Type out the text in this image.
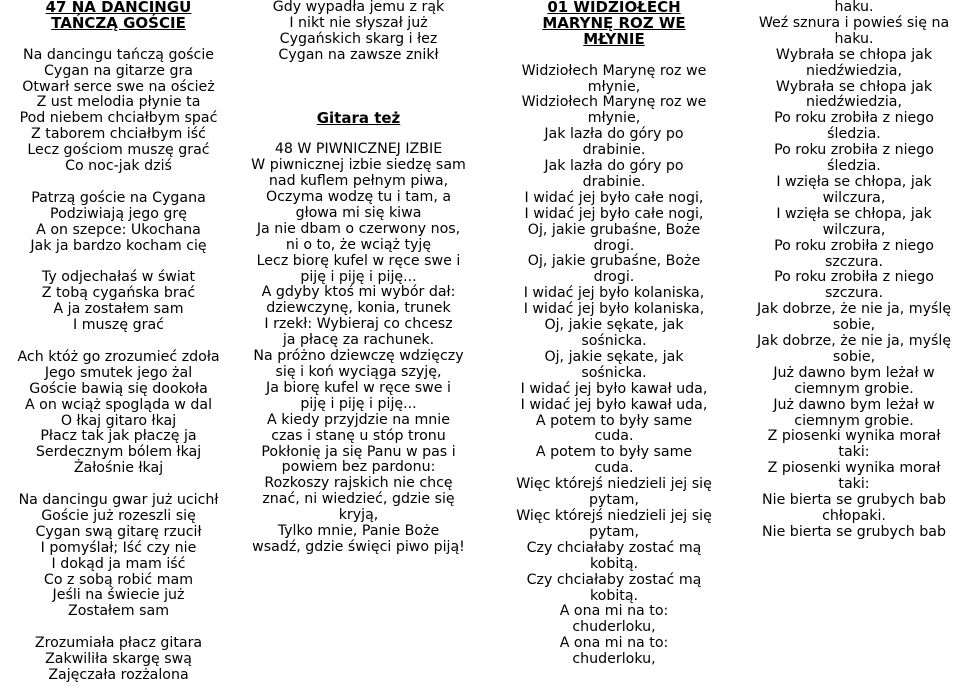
47 NA DANCINGU
TAŃCZĄ GOŚCIE
Na dancingu tańczą goście
Cygan na gitarze gra
Otwarł serce swe na oścież
Z ust melodia płynie ta
Pod niebem chciałbym spać
Z taborem chciałbym iść
Lecz gościom muszę grać
Co noc-jak dziś
Patrzą goście na Cygana
Podziwiają jego grę
A on szepce: Ukochana
Jak ja bardzo kocham cię
Ty odjechałaś w świat
Z tobą cygańska brać
A ja zostałem sam
I muszę grać
Ach któż go zrozumieć zdoła
Jego smutek jego żal
Goście bawią się dookoła
A on wciąż spogląda w dal
O łkaj gitaro łkaj
Płacz tak jak płaczę ja
Serdecznym bólem łkaj
Żałośnie łkaj
Na dancingu gwar już ucichł
Goście już rozeszli się
Cygan swą gitarę rzucił
I pomyślał; Iść czy nie
I dokąd ja mam iść
Co z sobą robić mam
Jeśli na świecie już
Zostałem sam
Zrozumiała płacz gitara
Zakwiliła skargę swą
Zajęczała rozżalona
Gdy wypadła jemu z rąk
I nikt nie słyszał już
Cygańskich skarg i łez
Cygan na zawsze znikł
Gitara też
48 W PIWNICZNEJ IZBIE
W piwnicznej izbie siedzę sam
nad kuflem pełnym piwa,
Oczyma wodzę tu i tam, a
głowa mi się kiwa
Ja nie dbam o czerwony nos,
ni o to, że wciąż tyję
Lecz biorę kufel w ręce swe i
piję i piję i piję...
A gdyby ktoś mi wybór dał:
dziewczynę, konia, trunek
I rzekł: Wybieraj co chcesz
ja płacę za rachunek.
Na próżno dziewczę wdzięczy
się i koń wyciąga szyję,
Ja biorę kufel w ręce swe i
piję i piję i piję...
A kiedy przyjdzie na mnie
czas i stanę u stóp tronu
Pokłonię ja się Panu w pas i
powiem bez pardonu:
Rozkoszy rajskich nie chcę
znać, ni wiedzieć, gdzie się
kryją,
Tylko mnie, Panie Boże
wsadź, gdzie święci piwo piją!
01 WIDZIOŁECH
MARYNĘ ROZ WE
MŁYNIE
Widziołech Marynę roz we
młynie,
Widziołech Marynę roz we
młynie,
Jak lazła do góry po
drabinie.
Jak lazła do góry po
drabinie.
I widać jej było całe nogi,
I widać jej było całe nogi,
Oj, jakie grubaśne, Boże
drogi.
Oj, jakie grubaśne, Boże
drogi.
I widać jej było kolaniska,
I widać jej było kolaniska,
Oj, jakie sękate, jak
sośnicka.
Oj, jakie sękate, jak
sośnicka.
I widać jej było kawał uda,
I widać jej było kawał uda,
A potem to były same
cuda.
A potem to były same
cuda.
Więc którejś niedzieli jej się
pytam,
Więc którejś niedzieli jej się
pytam,
Czy chciałaby zostać mą
kobitą.
Czy chciałaby zostać mą
kobitą.
A ona mi na to:
chuderloku,
A ona mi na to:
chuderloku,
haku.
Weź sznura i powieś się na
haku.
Wybrała se chłopa jak
niedźwiedzia,
Wybrała se chłopa jak
niedźwiedzia,
Po roku zrobiła z niego
śledzia.
Po roku zrobiła z niego
śledzia.
I wzięła se chłopa, jak
wilczura,
I wzięła se chłopa, jak
wilczura,
Po roku zrobiła z niego
szczura.
Po roku zrobiła z niego
szczura.
Jak dobrze, że nie ja, myślę
sobie,
Jak dobrze, że nie ja, myślę
sobie,
Już dawno bym leżał w
ciemnym grobie.
Już dawno bym leżał w
ciemnym grobie.
Z piosenki wynika morał
taki:
Z piosenki wynika morał
taki:
Nie bierta se grubych bab
chłopaki.
Nie bierta se grubych bab
